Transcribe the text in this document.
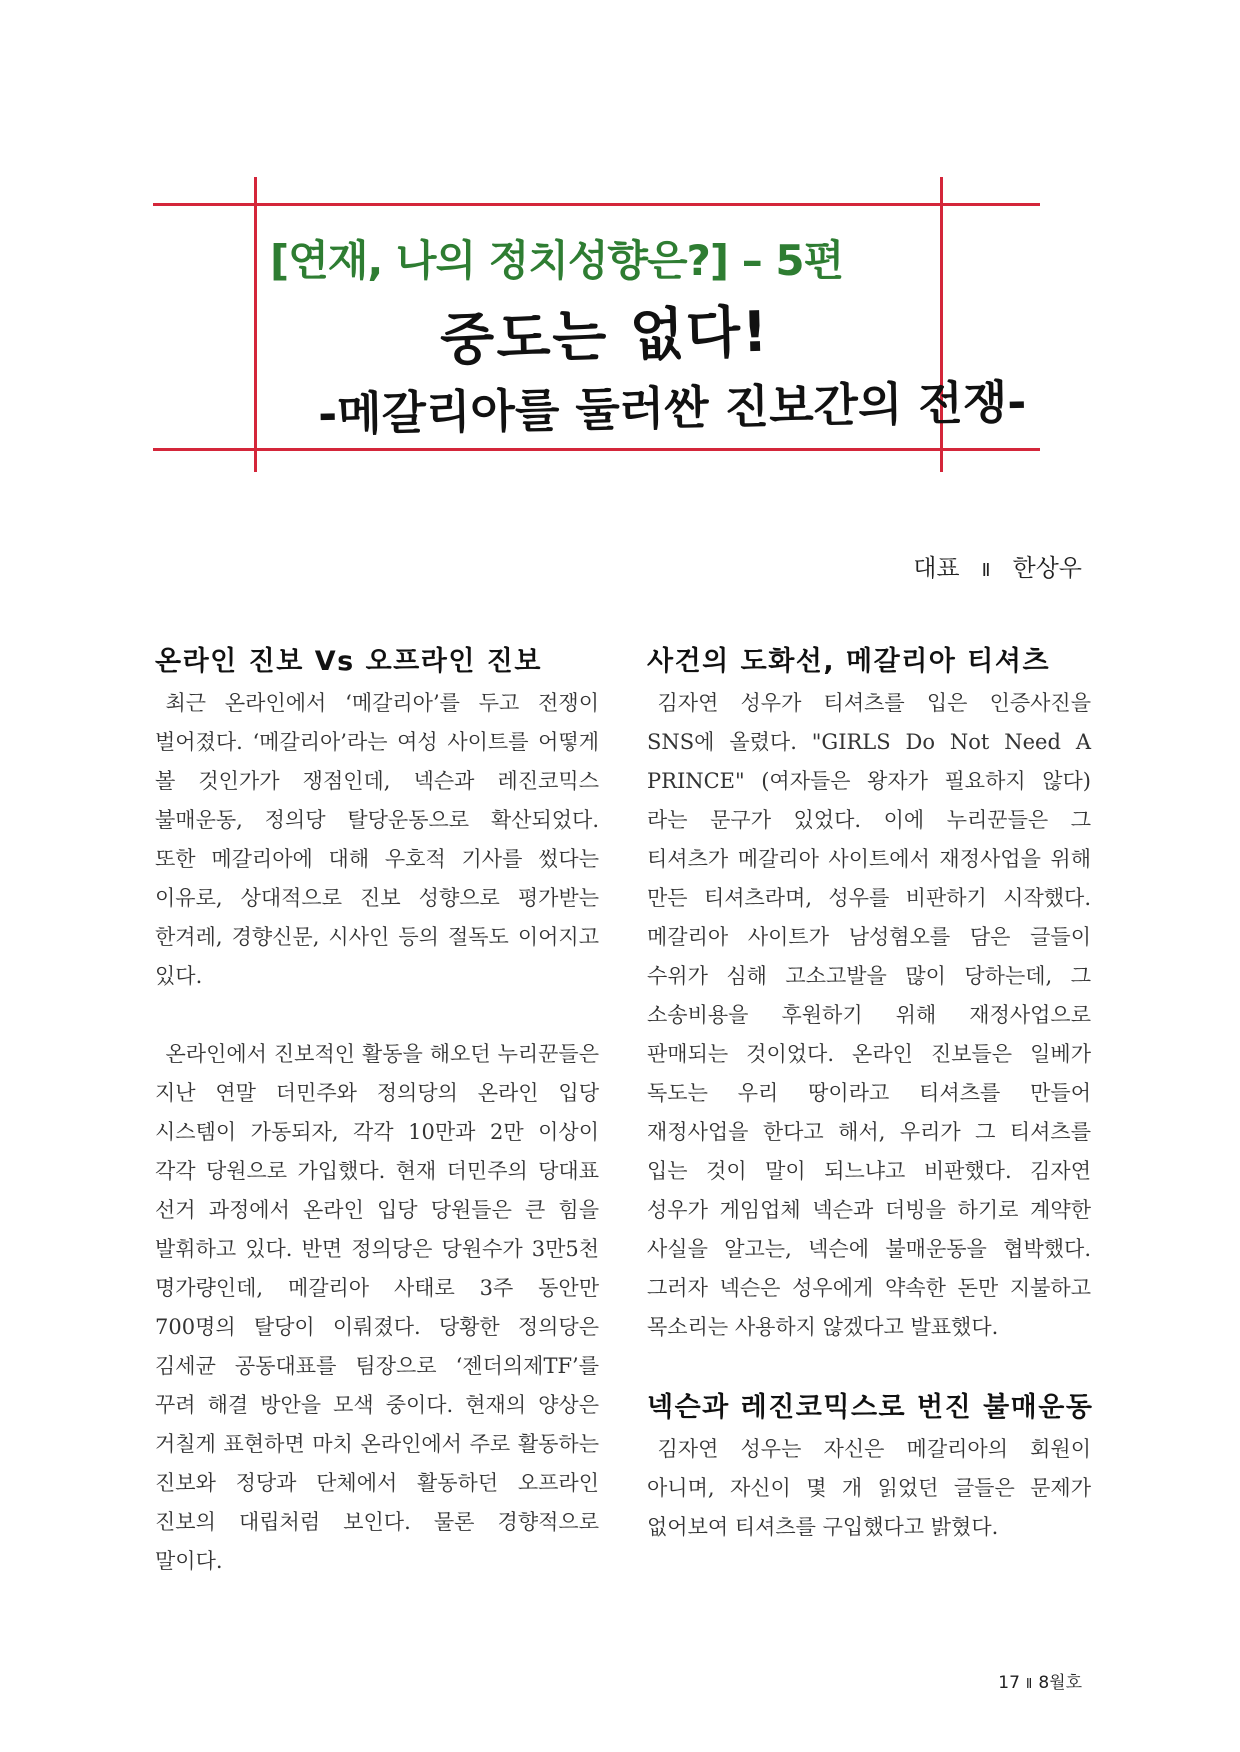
[연재, 나의 정치성향은?] – 5편
중도는 없다!
-메갈리아를 둘러싼 진보간의 전쟁-
대표 Ⅱ 한상우
온라인 진보 Vs 오프라인 진보

최근 온라인에서 ‘메갈리아’를 두고 전쟁이 벌어졌다. ‘메갈리아’라는 여성 사이트를 어떻게 볼 것인가가 쟁점인데, 넥슨과 레진코믹스 불매운동, 정의당 탈당운동으로 확산되었다. 또한 메갈리아에 대해 우호적 기사를 썼다는 이유로, 상대적으로 진보 성향으로 평가받는 한겨레, 경향신문, 시사인 등의 절독도 이어지고 있다.

온라인에서 진보적인 활동을 해오던 누리꾼들은 지난 연말 더민주와 정의당의 온라인 입당 시스템이 가동되자, 각각 10만과 2만 이상이 각각 당원으로 가입했다. 현재 더민주의 당대표 선거 과정에서 온라인 입당 당원들은 큰 힘을 발휘하고 있다. 반면 정의당은 당원수가 3만5천 명가량인데, 메갈리아 사태로 3주 동안만 700명의 탈당이 이뤄졌다. 당황한 정의당은 김세균 공동대표를 팀장으로 ‘젠더의제TF’를 꾸려 해결 방안을 모색 중이다. 현재의 양상은 거칠게 표현하면 마치 온라인에서 주로 활동하는 진보와 정당과 단체에서 활동하던 오프라인 진보의 대립처럼 보인다. 물론 경향적으로 말이다.

사건의 도화선, 메갈리아 티셔츠

김자연 성우가 티셔츠를 입은 인증사진을 SNS에 올렸다. "GIRLS Do Not Need A PRINCE" (여자들은 왕자가 필요하지 않다)라는 문구가 있었다. 이에 누리꾼들은 그 티셔츠가 메갈리아 사이트에서 재정사업을 위해 만든 티셔츠라며, 성우를 비판하기 시작했다. 메갈리아 사이트가 남성혐오를 담은 글들이 수위가 심해 고소고발을 많이 당하는데, 그 소송비용을 후원하기 위해 재정사업으로 판매되는 것이었다. 온라인 진보들은 일베가 독도는 우리 땅이라고 티셔츠를 만들어 재정사업을 한다고 해서, 우리가 그 티셔츠를 입는 것이 말이 되느냐고 비판했다. 김자연 성우가 게임업체 넥슨과 더빙을 하기로 계약한 사실을 알고는, 넥슨에 불매운동을 협박했다. 그러자 넥슨은 성우에게 약속한 돈만 지불하고 목소리는 사용하지 않겠다고 발표했다.

넥슨과 레진코믹스로 번진 불매운동

김자연 성우는 자신은 메갈리아의 회원이 아니며, 자신이 몇 개 읽었던 글들은 문제가 없어보여 티셔츠를 구입했다고 밝혔다.

17 Ⅱ 8월호
